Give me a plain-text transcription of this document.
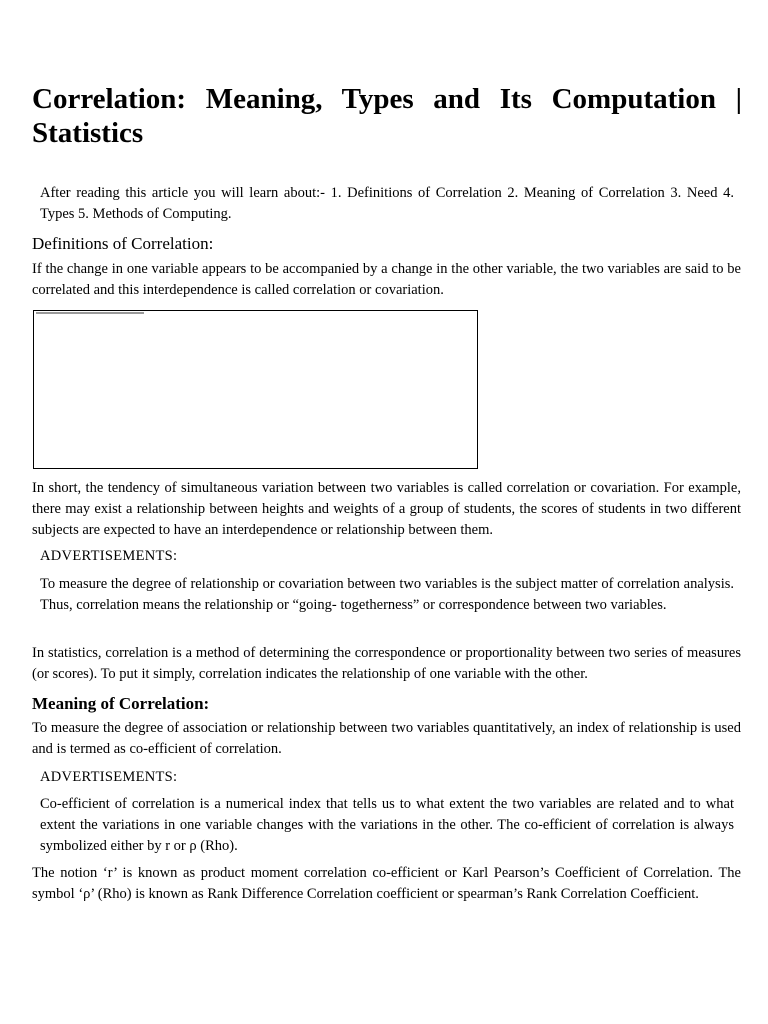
Correlation: Meaning, Types and Its Computation | Statistics

After reading this article you will learn about:- 1. Definitions of Correlation 2. Meaning of Correlation 3. Need 4. Types 5. Methods of Computing.

Definitions of Correlation:

If the change in one variable appears to be accompanied by a change in the other variable, the two variables are said to be correlated and this interdependence is called correlation or covariation.

In short, the tendency of simultaneous variation between two variables is called correlation or covariation. For example, there may exist a relationship between heights and weights of a group of students, the scores of students in two different subjects are expected to have an interdependence or relationship between them.

ADVERTISEMENTS:

To measure the degree of relationship or covariation between two variables is the subject matter of correlation analysis. Thus, correlation means the relationship or “going- togetherness” or correspondence between two variables.

In statistics, correlation is a method of determining the correspondence or proportionality between two series of measures (or scores). To put it simply, correlation indicates the relationship of one variable with the other.

Meaning of Correlation:

To measure the degree of association or relationship between two variables quantitatively, an index of relationship is used and is termed as co-efficient of correlation.

ADVERTISEMENTS:

Co-efficient of correlation is a numerical index that tells us to what extent the two variables are related and to what extent the variations in one variable changes with the variations in the other. The co-efficient of correlation is always symbolized either by r or ρ (Rho).

The notion ‘r’ is known as product moment correlation co-efficient or Karl Pearson’s Coefficient of Correlation. The symbol ‘ρ’ (Rho) is known as Rank Difference Correlation coefficient or spearman’s Rank Correlation Coefficient.
